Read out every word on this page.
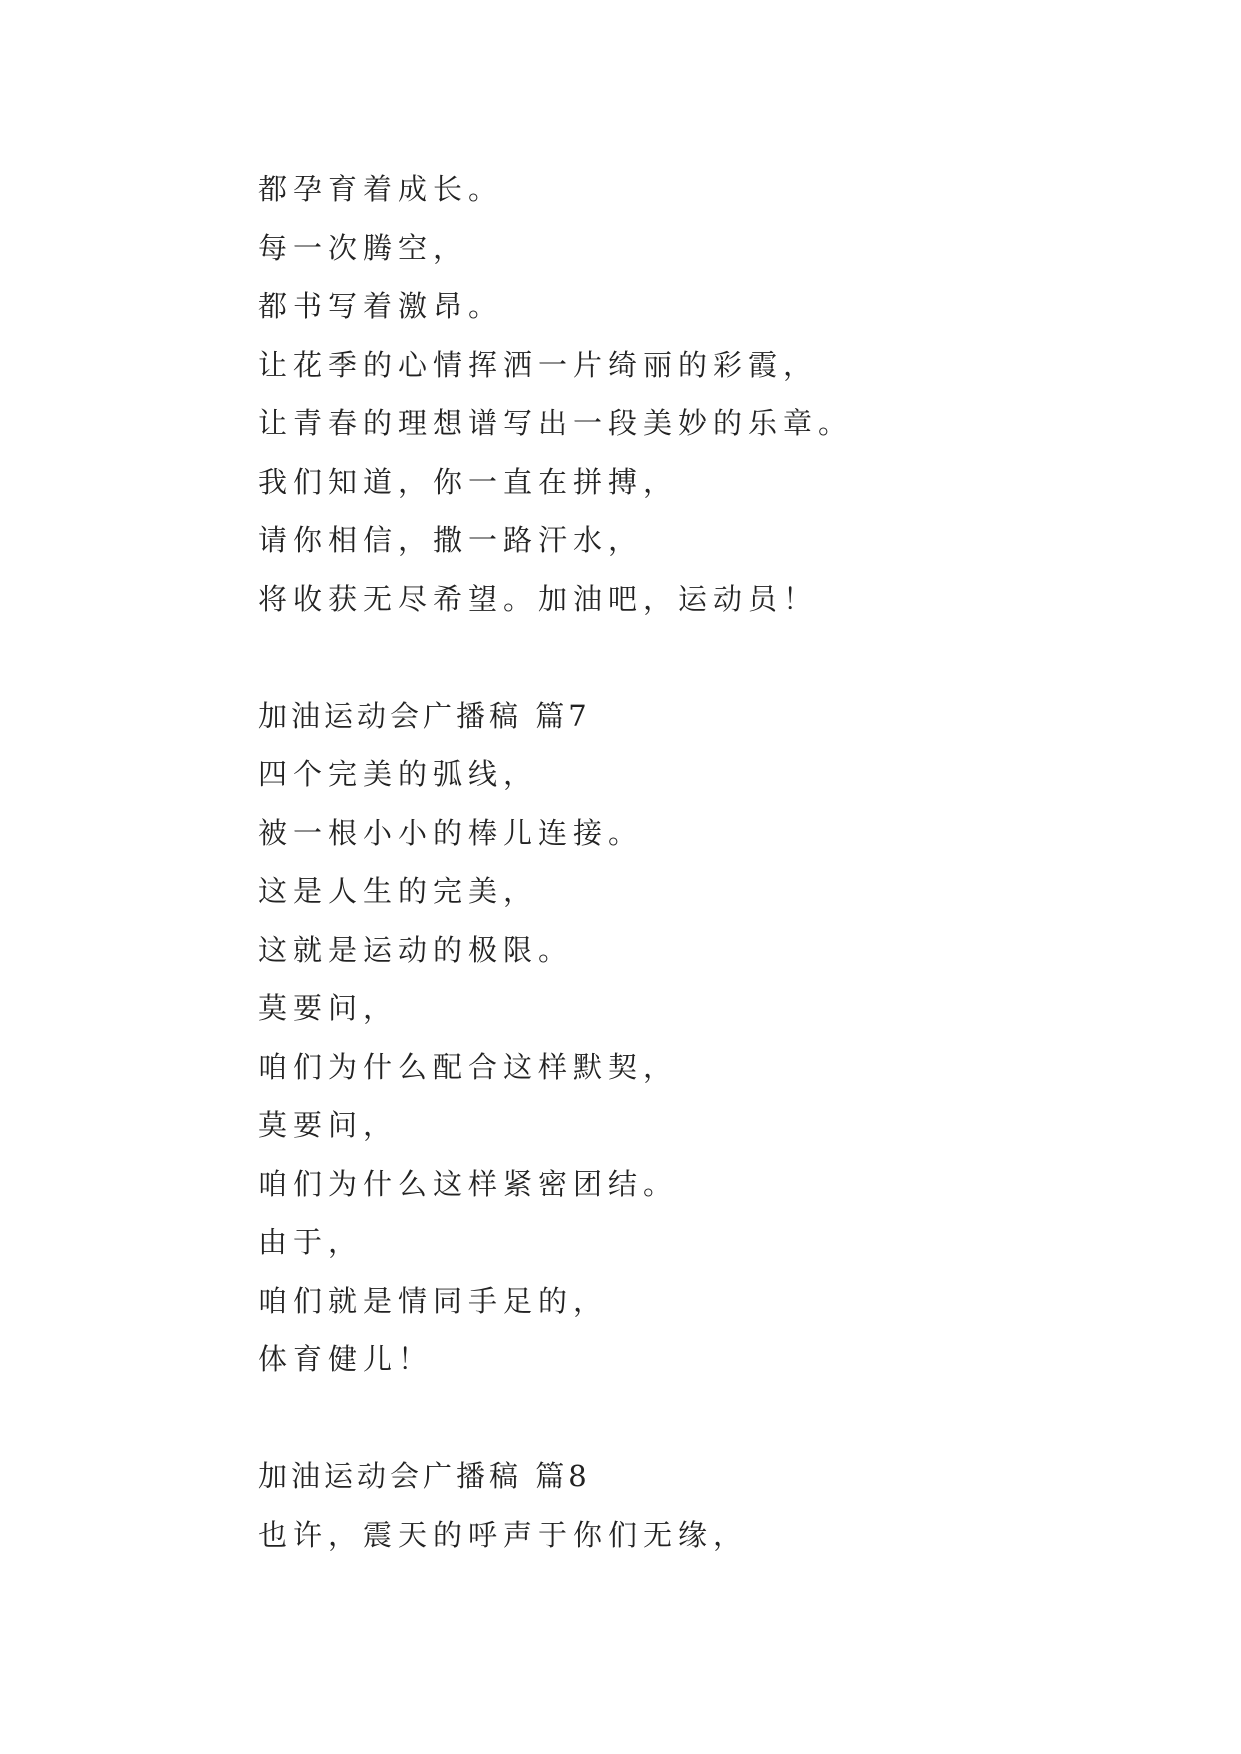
都孕育着成长。
每一次腾空，
都书写着激昂。
让花季的心情挥洒一片绮丽的彩霞，
让青春的理想谱写出一段美妙的乐章。
我们知道，你一直在拼搏，
请你相信，撒一路汗水，
将收获无尽希望。加油吧，运动员！
加油运动会广播稿 篇7
四个完美的弧线，
被一根小小的棒儿连接。
这是人生的完美，
这就是运动的极限。
莫要问，
咱们为什么配合这样默契，
莫要问，
咱们为什么这样紧密团结。
由于，
咱们就是情同手足的，
体育健儿！
加油运动会广播稿 篇8
也许，震天的呼声于你们无缘，
